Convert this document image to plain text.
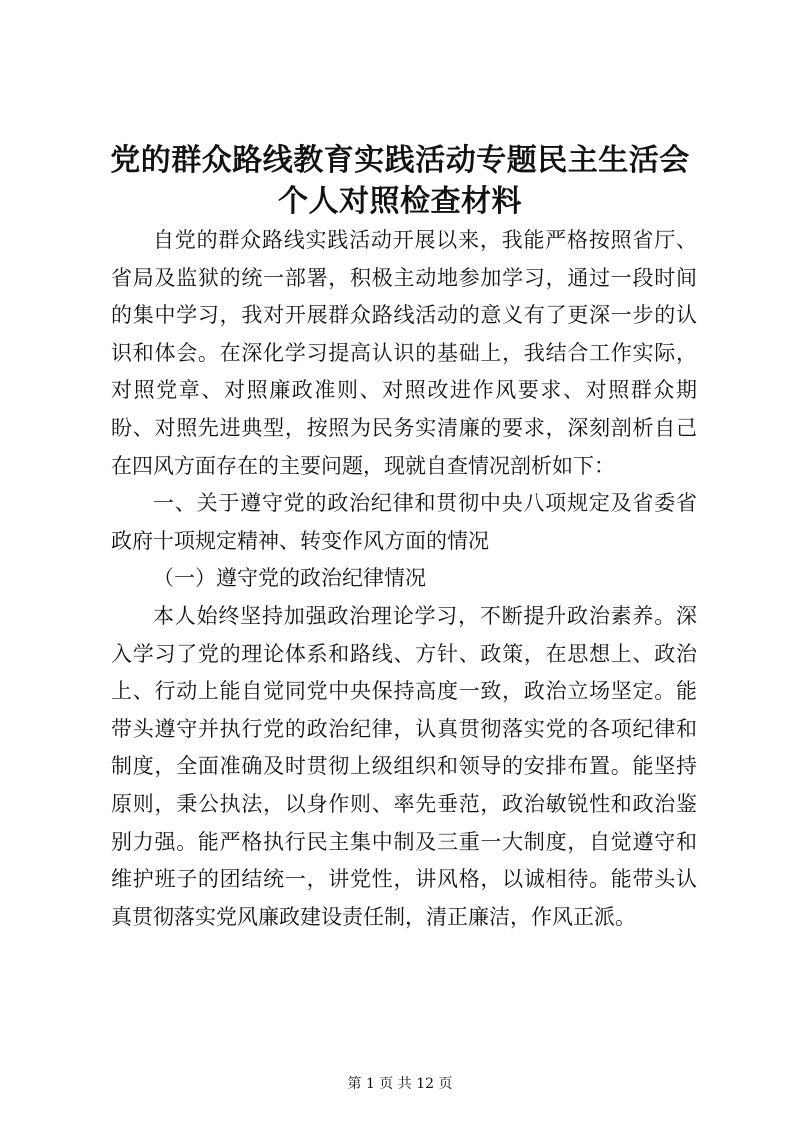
党的群众路线教育实践活动专题民主生活会个人对照检查材料

自党的群众路线实践活动开展以来，我能严格按照省厅、省局及监狱的统一部署，积极主动地参加学习，通过一段时间的集中学习，我对开展群众路线活动的意义有了更深一步的认识和体会。在深化学习提高认识的基础上，我结合工作实际，对照党章、对照廉政准则、对照改进作风要求、对照群众期盼、对照先进典型，按照为民务实清廉的要求，深刻剖析自己在四风方面存在的主要问题，现就自查情况剖析如下：

一、关于遵守党的政治纪律和贯彻中央八项规定及省委省政府十项规定精神、转变作风方面的情况

（一）遵守党的政治纪律情况

本人始终坚持加强政治理论学习，不断提升政治素养。深入学习了党的理论体系和路线、方针、政策，在思想上、政治上、行动上能自觉同党中央保持高度一致，政治立场坚定。能带头遵守并执行党的政治纪律，认真贯彻落实党的各项纪律和制度，全面准确及时贯彻上级组织和领导的安排布置。能坚持原则，秉公执法，以身作则、率先垂范，政治敏锐性和政治鉴别力强。能严格执行民主集中制及三重一大制度，自觉遵守和维护班子的团结统一，讲党性，讲风格，以诚相待。能带头认真贯彻落实党风廉政建设责任制，清正廉洁，作风正派。

第 1 页 共 12 页
